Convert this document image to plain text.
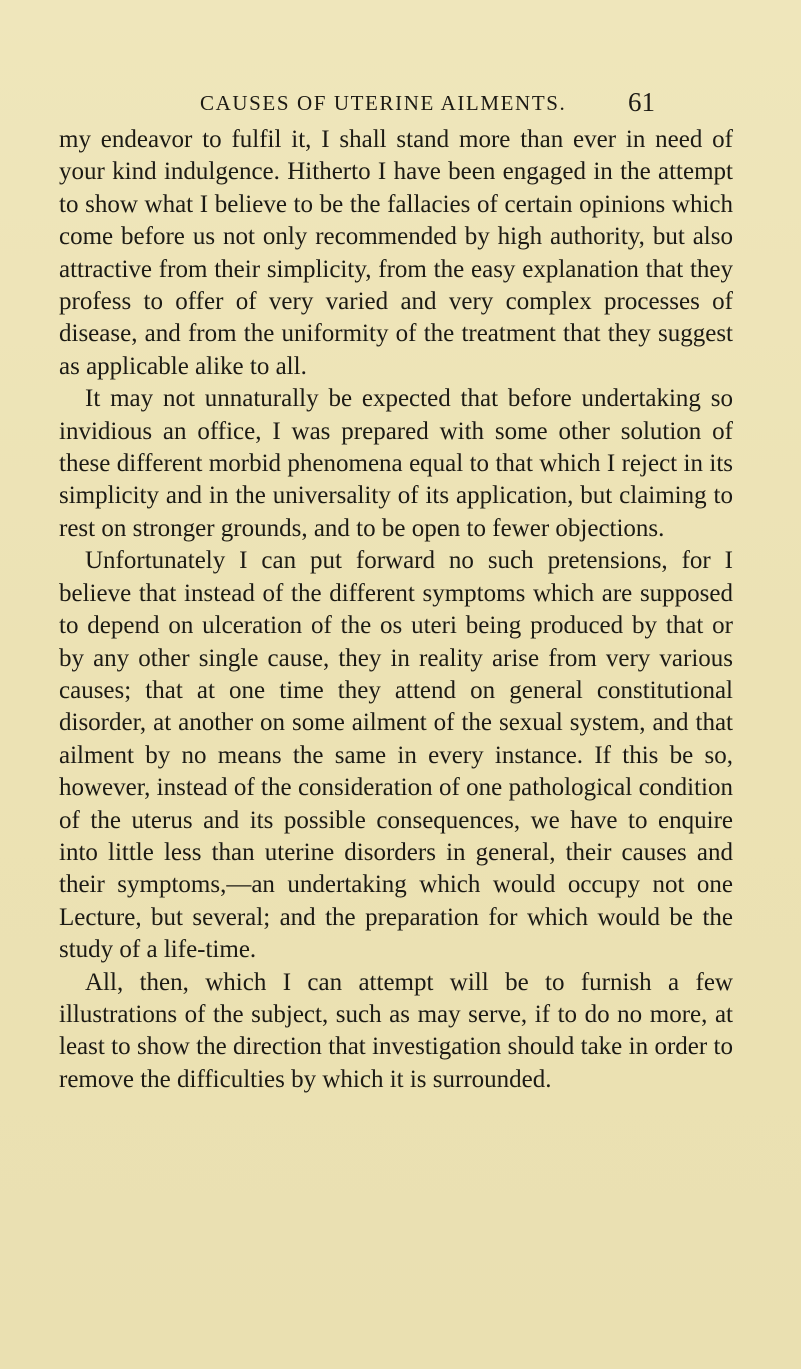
CAUSES OF UTERINE AILMENTS. 61

my endeavor to fulfil it, I shall stand more than ever in need of your kind indulgence. Hitherto I have been engaged in the attempt to show what I believe to be the fallacies of certain opinions which come before us not only recommended by high authority, but also attractive from their simplicity, from the easy explanation that they profess to offer of very varied and very complex processes of disease, and from the uniformity of the treatment that they suggest as applicable alike to all.

It may not unnaturally be expected that before undertaking so invidious an office, I was prepared with some other solution of these different morbid phenomena equal to that which I reject in its simplicity and in the universality of its application, but claiming to rest on stronger grounds, and to be open to fewer objections.

Unfortunately I can put forward no such pretensions, for I believe that instead of the different symptoms which are supposed to depend on ulceration of the os uteri being produced by that or by any other single cause, they in reality arise from very various causes; that at one time they attend on general constitutional disorder, at another on some ailment of the sexual system, and that ailment by no means the same in every instance. If this be so, however, instead of the consideration of one pathological condition of the uterus and its possible consequences, we have to enquire into little less than uterine disorders in general, their causes and their symptoms,—an undertaking which would occupy not one Lecture, but several; and the preparation for which would be the study of a life-time.

All, then, which I can attempt will be to furnish a few illustrations of the subject, such as may serve, if to do no more, at least to show the direction that investigation should take in order to remove the difficulties by which it is surrounded.
